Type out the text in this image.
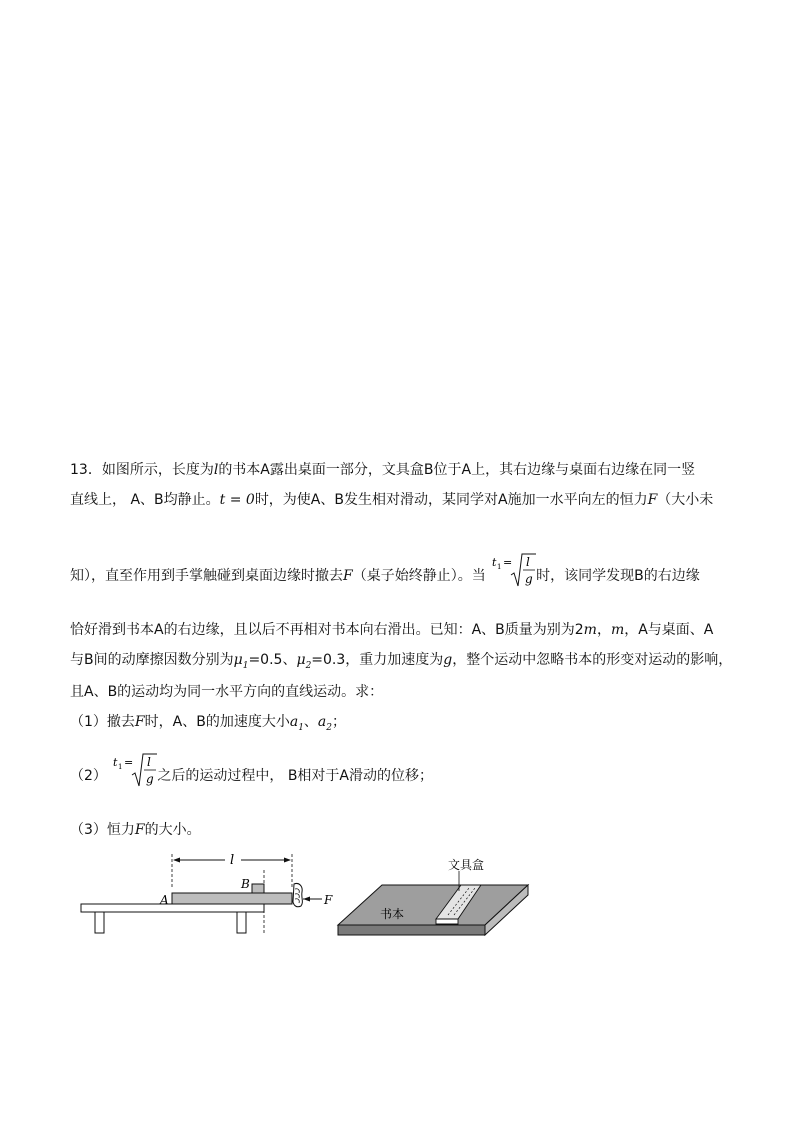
13．如图所示，长度为l的书本A露出桌面一部分，文具盒B位于A上，其右边缘与桌面右边缘在同一竖
直线上， A、B均静止。t = 0时，为使A、B发生相对滑动，某同学对A施加一水平向左的恒力F（大小未
知），直至作用到手掌触碰到桌面边缘时撤去F（桌子始终静止）。当
t 1 = l
g 时，该同学发现B的右边缘
恰好滑到书本A的右边缘，且以后不再相对书本向右滑出。已知：A、B质量为别为2m，m，A与桌面、A
与B间的动摩擦因数分别为$\mu_1=0.5$、$\mu_2=0.3$，重力加速度为g，整个运动中忽略书本的形变对运动的影响，
且A、B的运动均为同一水平方向的直线运动。求：
（1）撤去F时，A、B的加速度大小$a_1$、$a_2$；
（2）
t 1 = l
g 之后的运动过程中， B相对于A滑动的位移；
（3）恒力F的大小。
l
A
B
F
文具盒
书本
